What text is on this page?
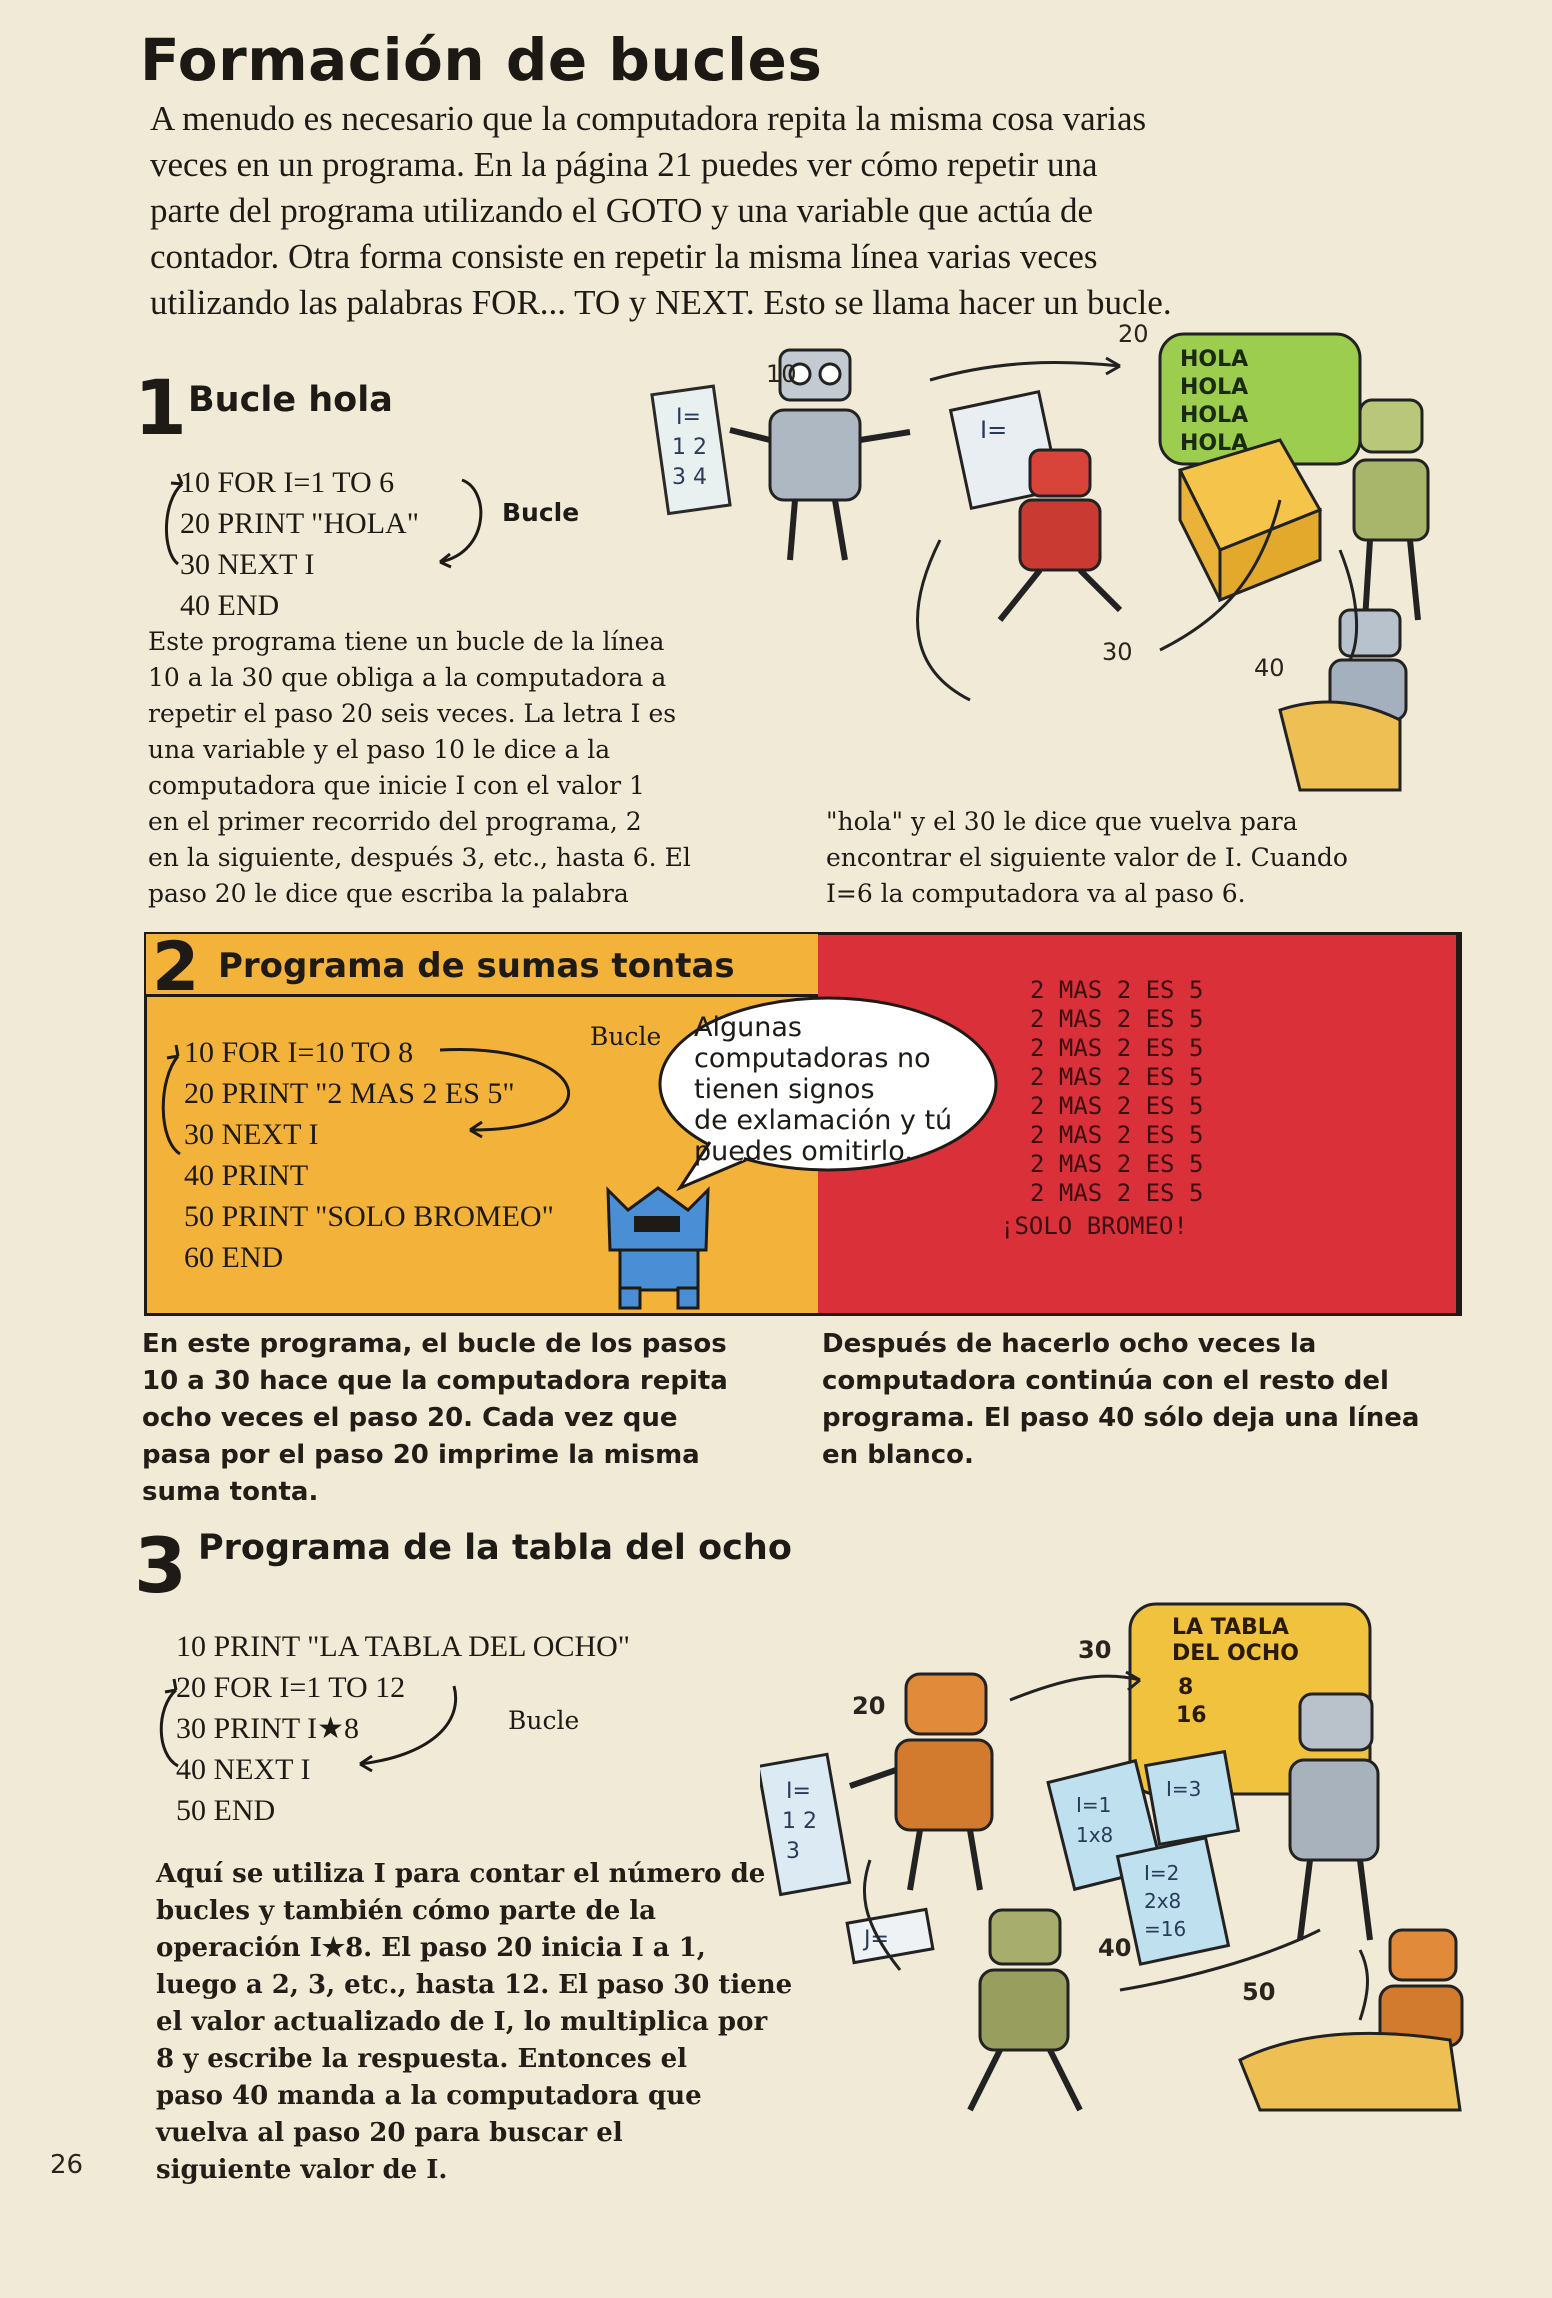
Formación de bucles
A menudo es necesario que la computadora repita la misma cosa varias
veces en un programa. En la página 21 puedes ver cómo repetir una
parte del programa utilizando el GOTO y una variable que actúa de
contador. Otra forma consiste en repetir la misma línea varias veces
utilizando las palabras FOR... TO y NEXT. Esto se llama hacer un bucle.
1 Bucle hola
10 FOR I=1 TO 6
20 PRINT "HOLA"
30 NEXT I
40 END
Bucle
Este programa tiene un bucle de la línea
10 a la 30 que obliga a la computadora a
repetir el paso 20 seis veces. La letra I es
una variable y el paso 10 le dice a la
computadora que inicie I con el valor 1
en el primer recorrido del programa, 2
en la siguiente, después 3, etc., hasta 6. El
paso 20 le dice que escriba la palabra
"hola" y el 30 le dice que vuelva para
encontrar el siguiente valor de I. Cuando
I=6 la computadora va al paso 6.
I=
1 2
3 4
HOLA
HOLA
HOLA
HOLA
I=
10
20
30
40
2 Programa de sumas tontas
10 FOR I=10 TO 8
20 PRINT "2 MAS 2 ES 5"
30 NEXT I
40 PRINT
50 PRINT "SOLO BROMEO"
60 END
Bucle Algunas
computadoras no
tienen signos
de exlamación y tú
puedes omitirlo.
2 MAS 2 ES 5
2 MAS 2 ES 5
2 MAS 2 ES 5
2 MAS 2 ES 5
2 MAS 2 ES 5
2 MAS 2 ES 5
2 MAS 2 ES 5
2 MAS 2 ES 5
¡SOLO BROMEO!
En este programa, el bucle de los pasos
10 a 30 hace que la computadora repita
ocho veces el paso 20. Cada vez que
pasa por el paso 20 imprime la misma
suma tonta.
Después de hacerlo ocho veces la
computadora continúa con el resto del
programa. El paso 40 sólo deja una línea
en blanco.
3 Programa de la tabla del ocho
10 PRINT "LA TABLA DEL OCHO"
20 FOR I=1 TO 12
30 PRINT I★8
40 NEXT I
50 END
Bucle
Aquí se utiliza I para contar el número de
bucles y también cómo parte de la
operación I★8. El paso 20 inicia I a 1,
luego a 2, 3, etc., hasta 12. El paso 30 tiene
el valor actualizado de I, lo multiplica por
8 y escribe la respuesta. Entonces el
paso 40 manda a la computadora que
vuelva al paso 20 para buscar el
siguiente valor de I.
LA TABLA
DEL OCHO
8
16
I=
1 2
3
I=1
1x8
I=3
I=2
2x8
=16
J=
20
30
40
50
26
